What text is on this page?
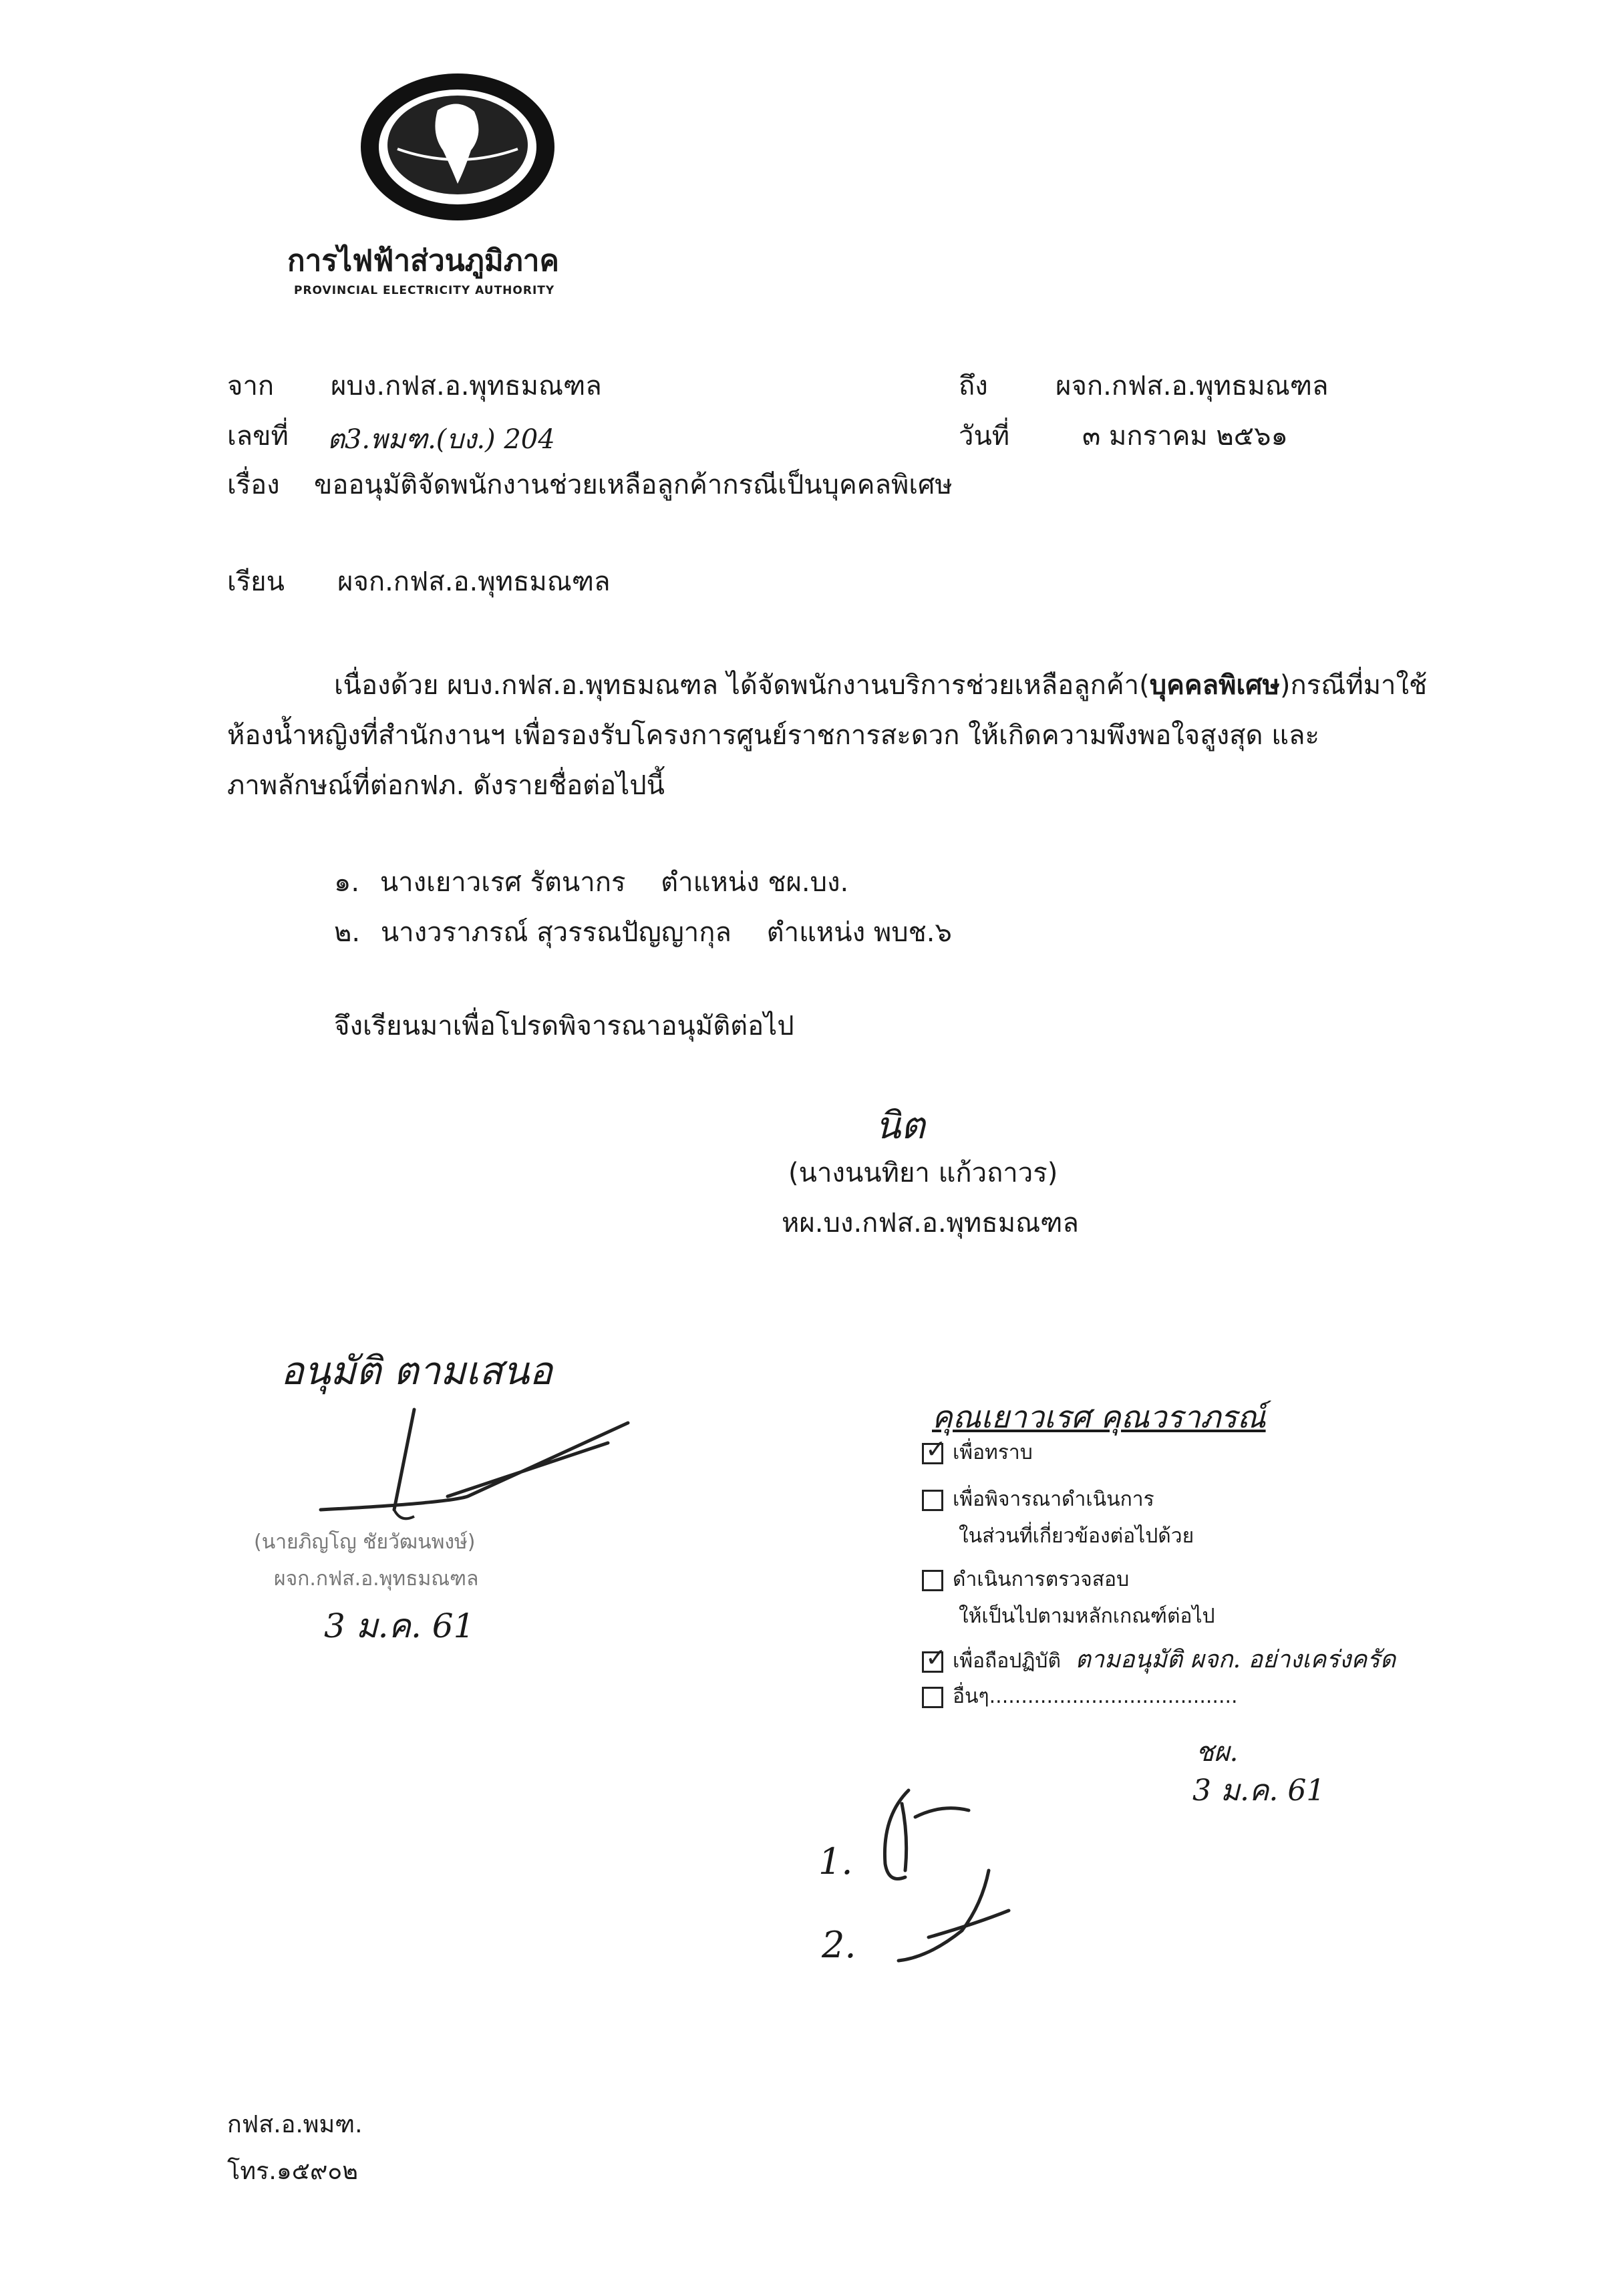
การไฟฟ้าส่วนภูมิภาค
PROVINCIAL ELECTRICITY AUTHORITY
จาก ผบง.กฟส.อ.พุทธมณฑล	ถึง	ผจก.กฟส.อ.พุทธมณฑล
เลขที่ ต3.พมฑ.(บง.) 204	วันที่	๓ มกราคม ๒๕๖๑
เรื่อง ขออนุมัติจัดพนักงานช่วยเหลือลูกค้ากรณีเป็นบุคคลพิเศษ
เรียน ผจก.กฟส.อ.พุทธมณฑล
เนื่องด้วย ผบง.กฟส.อ.พุทธมณฑล ได้จัดพนักงานบริการช่วยเหลือลูกค้า(บุคคลพิเศษ)กรณีที่มาใช้
ห้องน้ำหญิงที่สำนักงานฯ เพื่อรองรับโครงการศูนย์ราชการสะดวก ให้เกิดความพึงพอใจสูงสุด และ
ภาพลักษณ์ที่ต่อกฟภ. ดังรายชื่อต่อไปนี้
๑. นางเยาวเรศ รัตนากร ตำแหน่ง ชผ.บง.
๒. นางวราภรณ์ สุวรรณปัญญากุล ตำแหน่ง พบช.๖
จึงเรียนมาเพื่อโปรดพิจารณาอนุมัติต่อไป
นิต
(นางนนทิยา แก้วถาวร)
หผ.บง.กฟส.อ.พุทธมณฑล
อนุมัติ ตามเสนอ
(นายภิญโญ ชัยวัฒนพงษ์)
ผจก.กฟส.อ.พุทธมณฑล
3 ม.ค. 61
คุณเยาวเรศ คุณวราภรณ์
✓เพื่อทราบ
เพื่อพิจารณาดำเนินการ
ในส่วนที่เกี่ยวข้องต่อไปด้วย
ดำเนินการตรวจสอบ
ให้เป็นไปตามหลักเกณฑ์ต่อไป
✓เพื่อถือปฏิบัติ ตามอนุมัติ ผจก. อย่างเคร่งครัด
อื่นๆ.......................................
ชผ.
3 ม.ค. 61
1.
2.
กฟส.อ.พมฑ.
โทร.๑๕๙๐๒
